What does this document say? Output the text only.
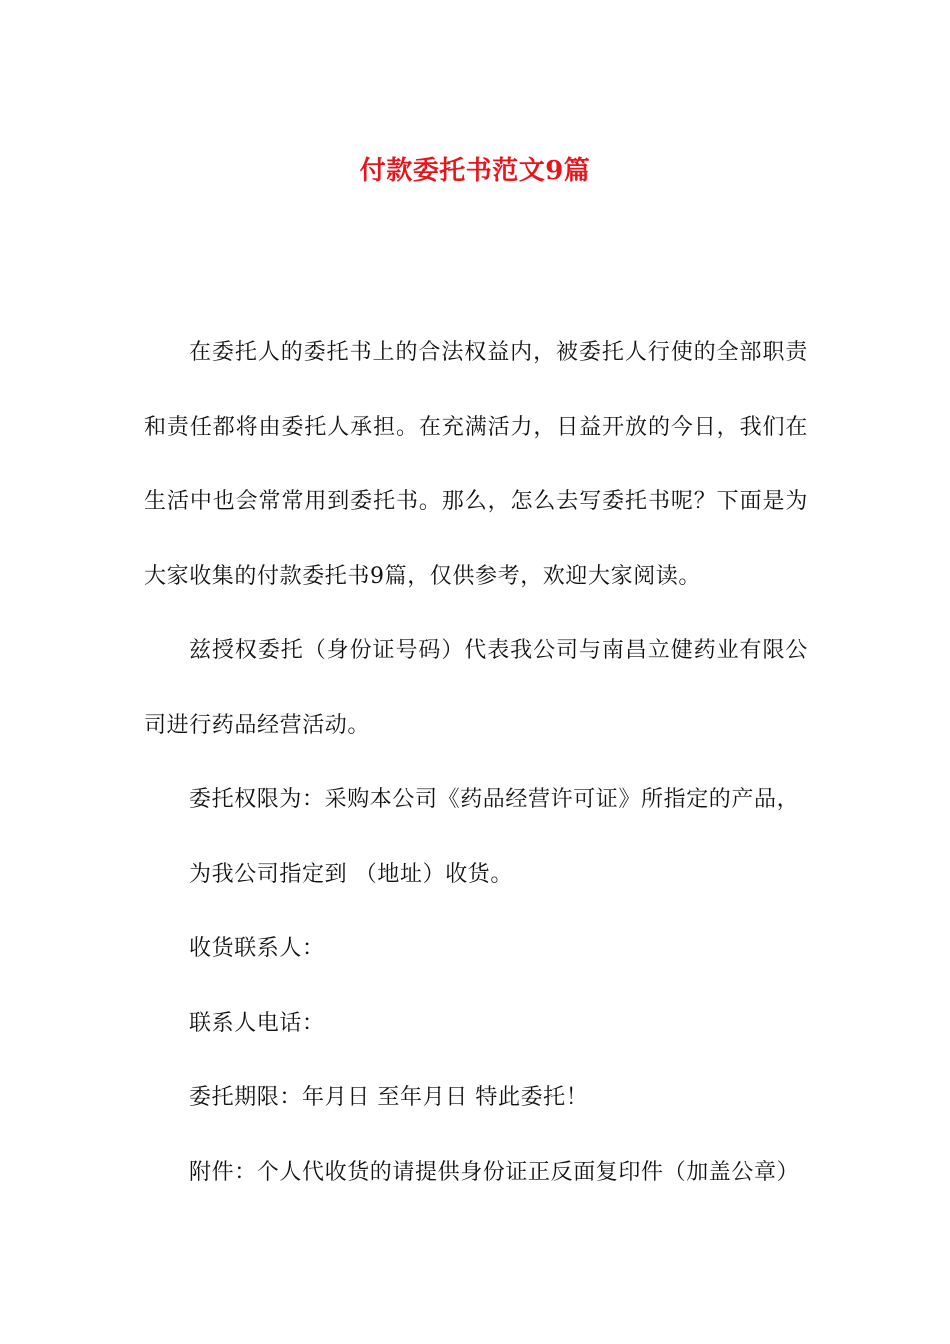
付款委托书范文9篇

在委托人的委托书上的合法权益内，被委托人行使的全部职责和责任都将由委托人承担。在充满活力，日益开放的今日，我们在生活中也会常常用到委托书。那么，怎么去写委托书呢？下面是为大家收集的付款委托书9篇，仅供参考，欢迎大家阅读。

兹授权委托（身份证号码）代表我公司与南昌立健药业有限公司进行药品经营活动。

委托权限为：采购本公司《药品经营许可证》所指定的产品，

为我公司指定到 （地址）收货。

收货联系人：

联系人电话：

委托期限：年月日 至年月日 特此委托！

附件：个人代收货的请提供身份证正反面复印件（加盖公章）
